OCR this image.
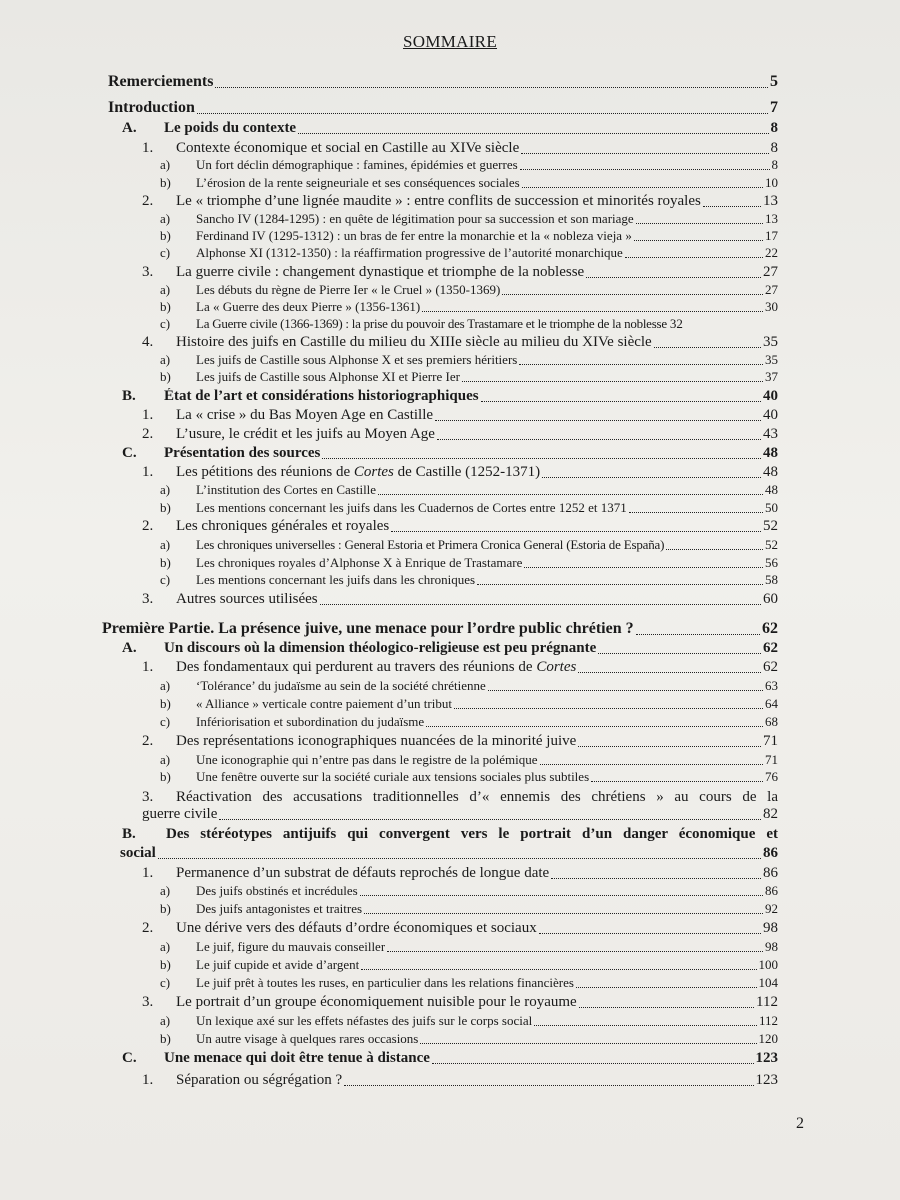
SOMMAIRE
Remerciements	5
Introduction	7
A.	Le poids du contexte	8
1.	Contexte économique et social en Castille au XIVe siècle	8
a)	Un fort déclin démographique : famines, épidémies et guerres	8
b)	L’érosion de la rente seigneuriale et ses conséquences sociales	10
2.	Le « triomphe d’une lignée maudite » : entre conflits de succession et minorités royales	13
a)	Sancho IV (1284-1295) : en quête de légitimation pour sa succession et son mariage	13
b)	Ferdinand IV (1295-1312) : un bras de fer entre la monarchie et la « nobleza vieja »	17
c)	Alphonse XI (1312-1350) : la réaffirmation progressive de l’autorité monarchique	22
3.	La guerre civile : changement dynastique et triomphe de la noblesse	27
a)	Les débuts du règne de Pierre Ier « le Cruel » (1350-1369)	27
b)	La « Guerre des deux Pierre » (1356-1361)	30
c)	La Guerre civile (1366-1369) : la prise du pouvoir des Trastamare et le triomphe de la noblesse 32
4.	Histoire des juifs en Castille du milieu du XIIIe siècle au milieu du XIVe siècle	35
a)	Les juifs de Castille sous Alphonse X et ses premiers héritiers	35
b)	Les juifs de Castille sous Alphonse XI et Pierre Ier	37
B.	État de l’art et considérations historiographiques	40
1.	La « crise » du Bas Moyen Age en Castille	40
2.	L’usure, le crédit et les juifs au Moyen Age	43
C.	Présentation des sources	48
1.	Les pétitions des réunions de Cortes de Castille (1252-1371)	48
a)	L’institution des Cortes en Castille	48
b)	Les mentions concernant les juifs dans les Cuadernos de Cortes entre 1252 et 1371	50
2.	Les chroniques générales et royales	52
a)	Les chroniques universelles : General Estoria et Primera Cronica General (Estoria de España)	52
b)	Les chroniques royales d’Alphonse X à Enrique de Trastamare	56
c)	Les mentions concernant les juifs dans les chroniques	58
3.	Autres sources utilisées	60
Première Partie. La présence juive, une menace pour l’ordre public chrétien ?	62
A.	Un discours où la dimension théologico-religieuse est peu prégnante	62
1.	Des fondamentaux qui perdurent au travers des réunions de Cortes	62
a)	‘Tolérance’ du judaïsme au sein de la société chrétienne	63
b)	« Alliance » verticale contre paiement d’un tribut	64
c)	Infériorisation et subordination du judaïsme	68
2.	Des représentations iconographiques nuancées de la minorité juive	71
a)	Une iconographie qui n’entre pas dans le registre de la polémique	71
b)	Une fenêtre ouverte sur la société curiale aux tensions sociales plus subtiles	76
3. Réactivation des accusations traditionnelles d’« ennemis des chrétiens » au cours de la
guerre civile	82
B. Des stéréotypes antijuifs qui convergent vers le portrait d’un danger économique et
social	86
1.	Permanence d’un substrat de défauts reprochés de longue date	86
a)	Des juifs obstinés et incrédules	86
b)	Des juifs antagonistes et traitres	92
2.	Une dérive vers des défauts d’ordre économiques et sociaux	98
a)	Le juif, figure du mauvais conseiller	98
b)	Le juif cupide et avide d’argent	100
c)	Le juif prêt à toutes les ruses, en particulier dans les relations financières	104
3.	Le portrait d’un groupe économiquement nuisible pour le royaume	112
a)	Un lexique axé sur les effets néfastes des juifs sur le corps social	112
b)	Un autre visage à quelques rares occasions	120
C.	Une menace qui doit être tenue à distance	123
1.	Séparation ou ségrégation ?	123
2
